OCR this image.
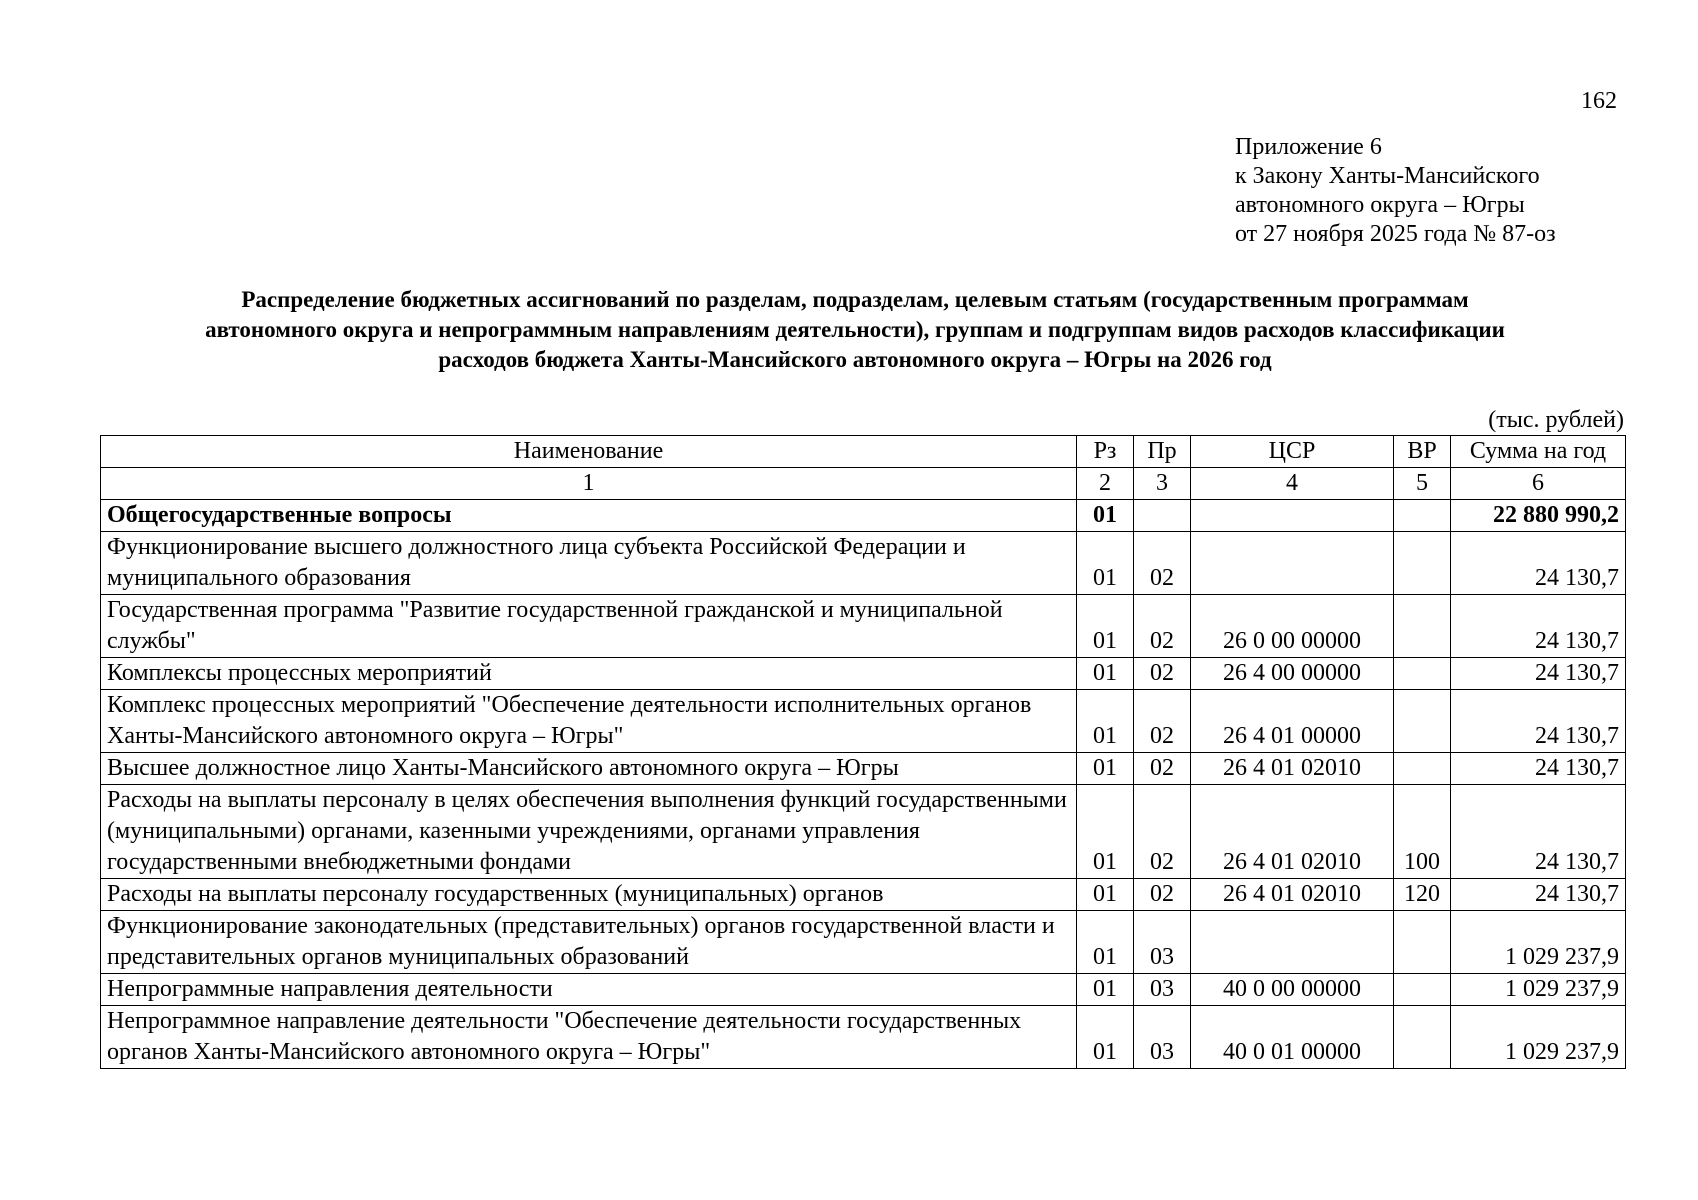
162
Приложение 6
к Закону Ханты-Мансийского
автономного округа – Югры
от 27 ноября 2025 года № 87-оз
Распределение бюджетных ассигнований по разделам, подразделам, целевым статьям (государственным программам
автономного округа и непрограммным направлениям деятельности), группам и подгруппам видов расходов классификации
расходов бюджета Ханты-Мансийского автономного округа – Югры на 2026 год
(тыс. рублей)
Наименование	Рз	Пр	ЦСР	ВР	Сумма на год
1	2	3	4	5	6
Общегосударственные вопросы	01				22 880 990,2
Функционирование высшего должностного лица субъекта Российской Федерации и муниципального образования	01	02			24 130,7
Государственная программа "Развитие государственной гражданской и муниципальной службы"	01	02	26 0 00 00000		24 130,7
Комплексы процессных мероприятий	01	02	26 4 00 00000		24 130,7
Комплекс процессных мероприятий "Обеспечение деятельности исполнительных органов Ханты-Мансийского автономного округа – Югры"	01	02	26 4 01 00000		24 130,7
Высшее должностное лицо Ханты-Мансийского автономного округа – Югры	01	02	26 4 01 02010		24 130,7
Расходы на выплаты персоналу в целях обеспечения выполнения функций государственными (муниципальными) органами, казенными учреждениями, органами управления государственными внебюджетными фондами	01	02	26 4 01 02010	100	24 130,7
Расходы на выплаты персоналу государственных (муниципальных) органов	01	02	26 4 01 02010	120	24 130,7
Функционирование законодательных (представительных) органов государственной власти и представительных органов муниципальных образований	01	03			1 029 237,9
Непрограммные направления деятельности	01	03	40 0 00 00000		1 029 237,9
Непрограммное направление деятельности "Обеспечение деятельности государственных органов Ханты-Мансийского автономного округа – Югры"	01	03	40 0 01 00000		1 029 237,9
